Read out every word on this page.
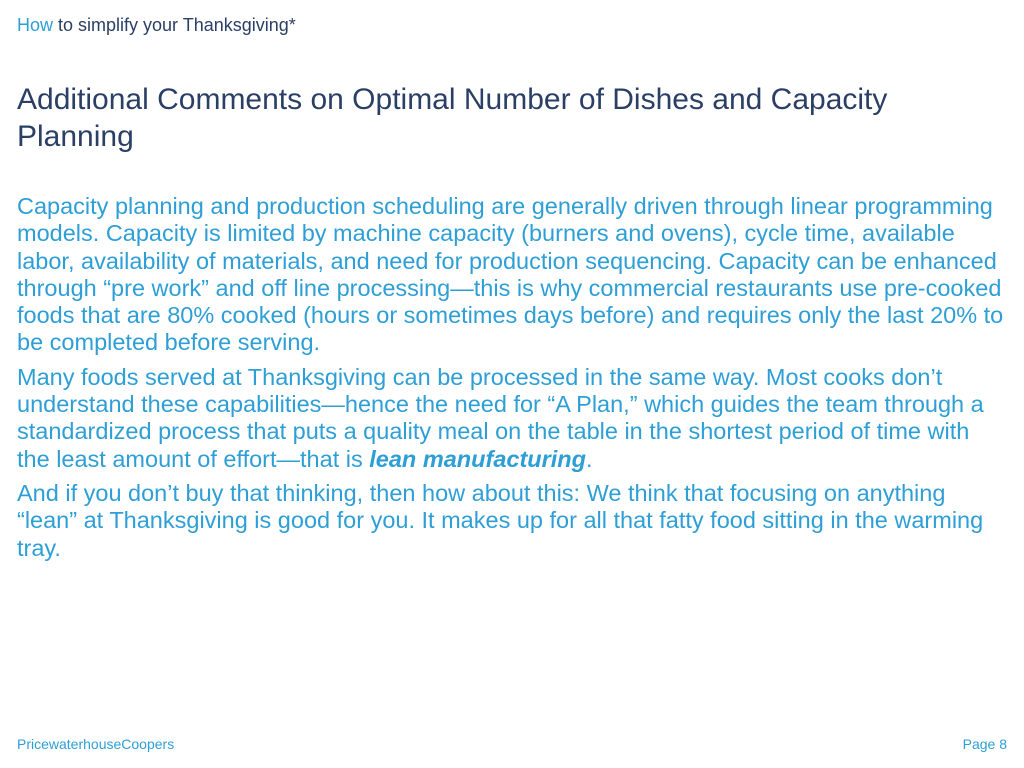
How to simplify your Thanksgiving*
Additional Comments on Optimal Number of Dishes and Capacity Planning

Capacity planning and production scheduling are generally driven through linear programming models. Capacity is limited by machine capacity (burners and ovens), cycle time, available labor, availability of materials, and need for production sequencing. Capacity can be enhanced through “pre work” and off line processing—this is why commercial restaurants use pre-cooked foods that are 80% cooked (hours or sometimes days before) and requires only the last 20% to be completed before serving.

Many foods served at Thanksgiving can be processed in the same way. Most cooks don’t understand these capabilities—hence the need for “A Plan,” which guides the team through a standardized process that puts a quality meal on the table in the shortest period of time with the least amount of effort—that is lean manufacturing.

And if you don’t buy that thinking, then how about this: We think that focusing on anything “lean” at Thanksgiving is good for you. It makes up for all that fatty food sitting in the warming tray.

PricewaterhouseCoopers	Page 8
